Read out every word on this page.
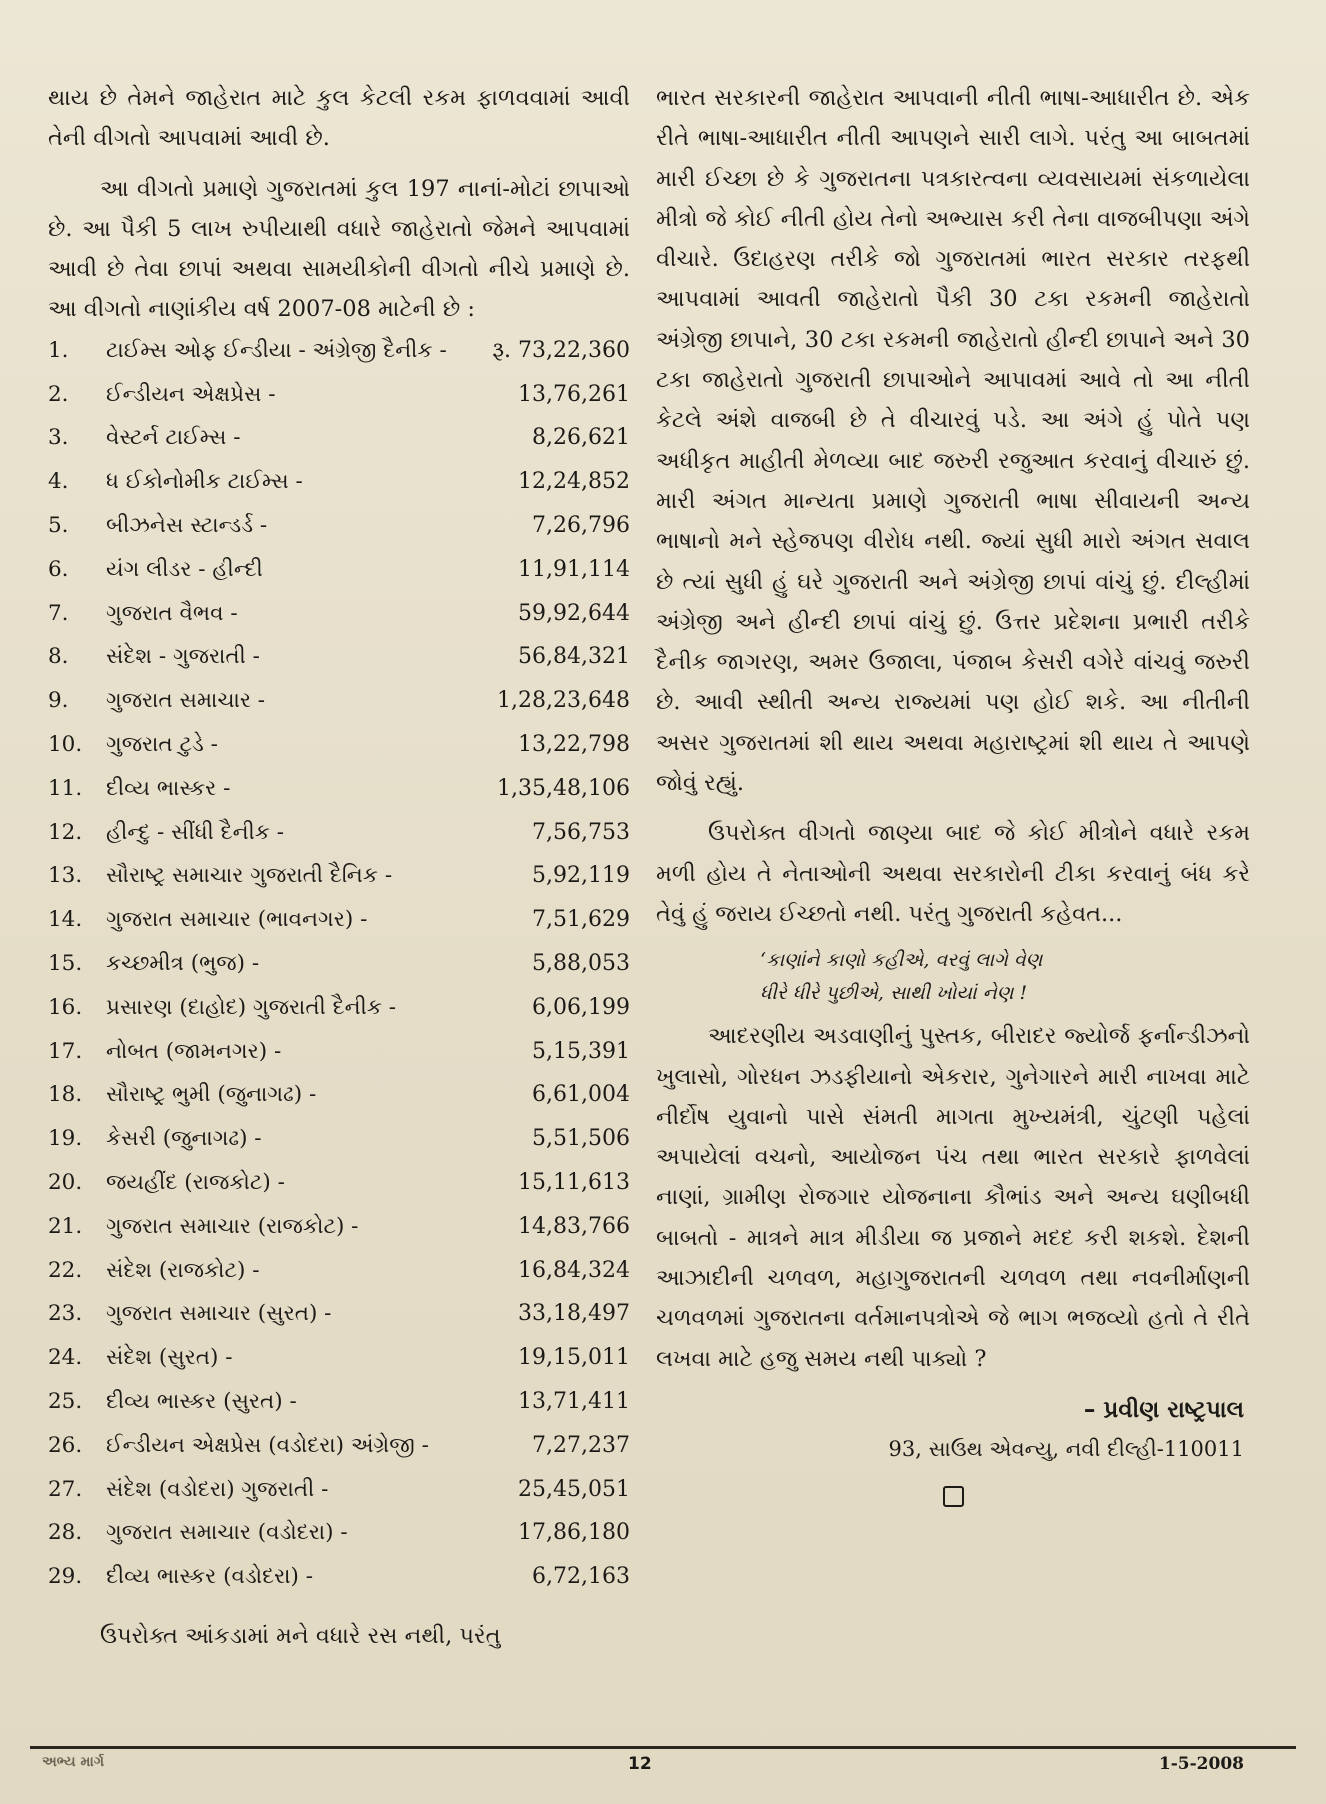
થાય છે તેમને જાહેરાત માટે કુલ કેટલી રકમ ફાળવવામાં આવી તેની વીગતો આપવામાં આવી છે.

આ વીગતો પ્રમાણે ગુજરાતમાં કુલ 197 નાનાં-મોટાં છાપાઓ છે. આ પૈકી 5 લાખ રુપીયાથી વધારે જાહેરાતો જેમને આપવામાં આવી છે તેવા છાપાં અથવા સામયીકોની વીગતો નીચે પ્રમાણે છે. આ વીગતો નાણાંકીય વર્ષ 2007-08 માટેની છે :

1.	ટાઈમ્સ ઓફ ઈન્ડીયા - અંગ્રેજી દૈનીક -	રૂ. 73,22,360
2.	ઈન્ડીયન એક્ષપ્રેસ -	13,76,261
3.	વેસ્ટર્ન ટાઈમ્સ -	8,26,621
4.	ધ ઈકોનોમીક ટાઈમ્સ -	12,24,852
5.	બીઝનેસ સ્ટાન્ડર્ડ -	7,26,796
6.	યંગ લીડર - હીન્દી	11,91,114
7.	ગુજરાત વૈભવ -	59,92,644
8.	સંદેશ - ગુજરાતી -	56,84,321
9.	ગુજરાત સમાચાર -	1,28,23,648
10.	ગુજરાત ટુડે -	13,22,798
11.	દીવ્ય ભાસ્કર -	1,35,48,106
12.	હીન્દુ - સીંધી દૈનીક -	7,56,753
13.	સૌરાષ્ટ્ર સમાચાર ગુજરાતી દૈનિક -	5,92,119
14.	ગુજરાત સમાચાર (ભાવનગર) -	7,51,629
15.	કચ્છમીત્ર (ભુજ) -	5,88,053
16.	પ્રસારણ (દાહોદ) ગુજરાતી દૈનીક -	6,06,199
17.	નોબત (જામનગર) -	5,15,391
18.	સૌરાષ્ટ્ર ભુમી (જુનાગઢ) -	6,61,004
19.	કેસરી (જુનાગઢ) -	5,51,506
20.	જયહીંદ (રાજકોટ) -	15,11,613
21.	ગુજરાત સમાચાર (રાજકોટ) -	14,83,766
22.	સંદેશ (રાજકોટ) -	16,84,324
23.	ગુજરાત સમાચાર (સુરત) -	33,18,497
24.	સંદેશ (સુરત) -	19,15,011
25.	દીવ્ય ભાસ્કર (સુરત) -	13,71,411
26.	ઈન્ડીયન એક્ષપ્રેસ (વડોદરા) અંગ્રેજી -	7,27,237
27.	સંદેશ (વડોદરા) ગુજરાતી -	25,45,051
28.	ગુજરાત સમાચાર (વડોદરા) -	17,86,180
29.	દીવ્ય ભાસ્કર (વડોદરા) -	6,72,163

ઉપરોક્ત આંકડામાં મને વધારે રસ નથી, પરંતુ

ભારત સરકારની જાહેરાત આપવાની નીતી ભાષા-આધારીત છે. એક રીતે ભાષા-આધારીત નીતી આપણને સારી લાગે. પરંતુ આ બાબતમાં મારી ઈચ્છા છે કે ગુજરાતના પત્રકારત્વના વ્યવસાયમાં સંકળાયેલા મીત્રો જે કોઈ નીતી હોય તેનો અભ્યાસ કરી તેના વાજબીપણા અંગે વીચારે. ઉદાહરણ તરીકે જો ગુજરાતમાં ભારત સરકાર તરફથી આપવામાં આવતી જાહેરાતો પૈકી 30 ટકા રકમની જાહેરાતો અંગ્રેજી છાપાને, 30 ટકા રકમની જાહેરાતો હીન્દી છાપાને અને 30 ટકા જાહેરાતો ગુજરાતી છાપાઓને આપાવમાં આવે તો આ નીતી કેટલે અંશે વાજબી છે તે વીચારવું પડે. આ અંગે હું પોતે પણ અધીકૃત માહીતી મેળવ્યા બાદ જરુરી રજુઆત કરવાનું વીચારું છું. મારી અંગત માન્યતા પ્રમાણે ગુજરાતી ભાષા સીવાયની અન્ય ભાષાનો મને સ્હેજપણ વીરોધ નથી. જ્યાં સુધી મારો અંગત સવાલ છે ત્યાં સુધી હું ઘરે ગુજરાતી અને અંગ્રેજી છાપાં વાંચું છું. દીલ્હીમાં અંગ્રેજી અને હીન્દી છાપાં વાંચું છું. ઉત્તર પ્રદેશના પ્રભારી તરીકે દૈનીક જાગરણ, અમર ઉજાલા, પંજાબ કેસરી વગેરે વાંચવું જરુરી છે. આવી સ્થીતી અન્ય રાજ્યમાં પણ હોઈ શકે. આ નીતીની અસર ગુજરાતમાં શી થાય અથવા મહારાષ્ટ્રમાં શી થાય તે આપણે જોવું રહ્યું.

ઉપરોક્ત વીગતો જાણ્યા બાદ જે કોઈ મીત્રોને વધારે રકમ મળી હોય તે નેતાઓની અથવા સરકારોની ટીકા કરવાનું બંધ કરે તેવું હું જરાય ઈચ્છતો નથી. પરંતુ ગુજરાતી કહેવત...

‘કાણાંને કાણો કહીએ, વરવું લાગે વેણ
ધીરે ધીરે પુછીએ, સાથી ખોયાં નેણ !

આદરણીય અડવાણીનું પુસ્તક, બીરાદર જ્યોર્જ ફર્નાન્ડીઝનો ખુલાસો, ગોરધન ઝડફીયાનો એકરાર, ગુનેગારને મારી નાખવા માટે નીર્દોષ યુવાનો પાસે સંમતી માગતા મુખ્યમંત્રી, ચુંટણી પહેલાં અપાયેલાં વચનો, આયોજન પંચ તથા ભારત સરકારે ફાળવેલાં નાણાં, ગ્રામીણ રોજગાર યોજનાના કૌભાંડ અને અન્ય ઘણીબધી બાબતો - માત્રને માત્ર મીડીયા જ પ્રજાને મદદ કરી શકશે. દેશની આઝાદીની ચળવળ, મહાગુજરાતની ચળવળ તથા નવનીર્માણની ચળવળમાં ગુજરાતના વર્તમાનપત્રોએ જે ભાગ ભજવ્યો હતો તે રીતે લખવા માટે હજુ સમય નથી પાક્યો ?

– પ્રવીણ રાષ્ટ્રપાલ
93, સાઉથ એવન્યુ, નવી દીલ્હી-110011
અભ્ય માર્ગ	12	1-5-2008
